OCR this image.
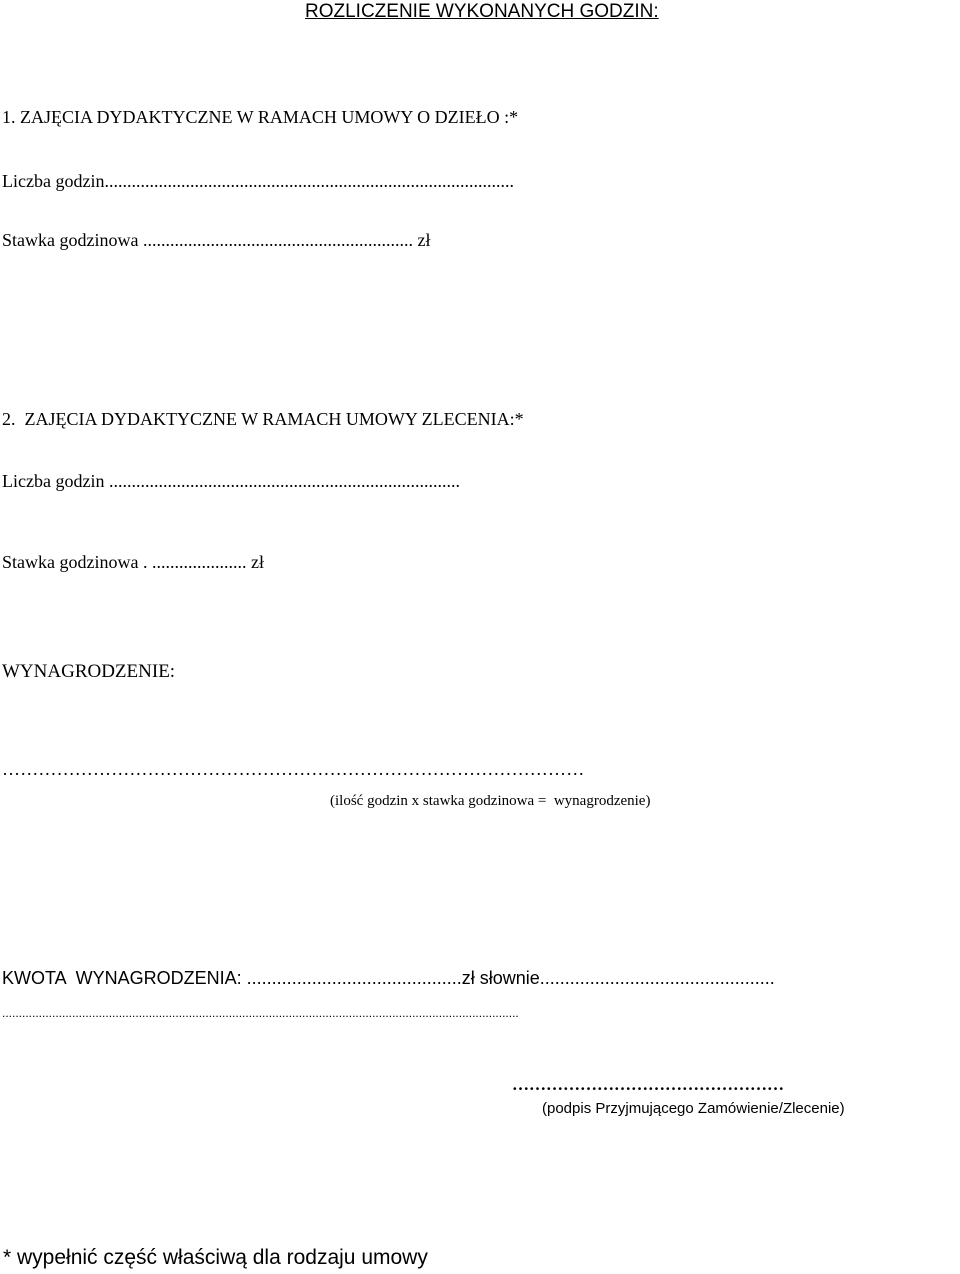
ROZLICZENIE WYKONANYCH GODZIN:
1. ZAJĘCIA DYDAKTYCZNE W RAMACH UMOWY O DZIEŁO :*
Liczba godzin...........................................................................................
Stawka godzinowa ............................................................ zł
2.  ZAJĘCIA DYDAKTYCZNE W RAMACH UMOWY ZLECENIA:*
Liczba godzin ..............................................................................
Stawka godzinowa . ..................... zł
WYNAGRODZENIE:
……………………………………………………………………………………
(ilość godzin x stawka godzinowa =  wynagrodzenie)
KWOTA  WYNAGRODZENIA: ...........................................zł słownie...............................................
...........................................................................................................................................................
…………………………………………
(podpis Przyjmującego Zamówienie/Zlecenie)
* wypełnić część właściwą dla rodzaju umowy
